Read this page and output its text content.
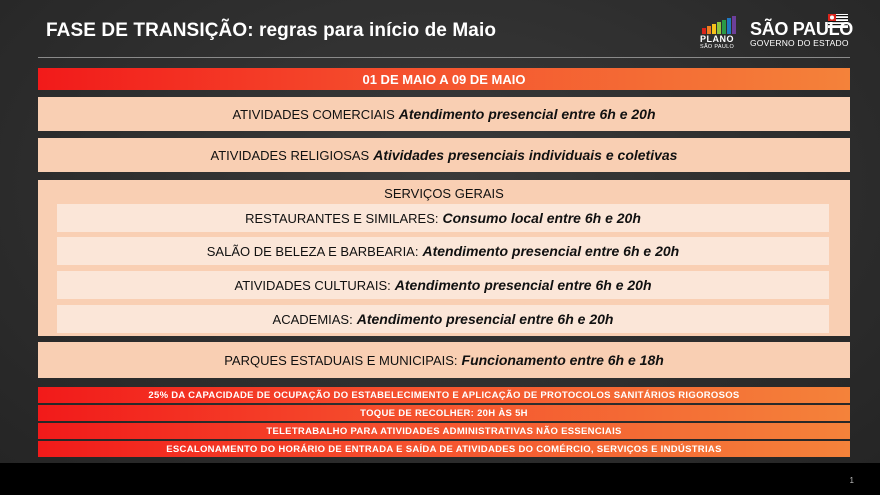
FASE DE TRANSIÇÃO: regras para início de Maio	PLANO
SÃO PAULO
SÃO PAULO
GOVERNO DO ESTADO
01 DE MAIO A 09 DE MAIO
ATIVIDADES COMERCIAIS Atendimento presencial entre 6h e 20h
ATIVIDADES RELIGIOSAS Atividades presenciais individuais e coletivas
SERVIÇOS GERAIS
RESTAURANTES E SIMILARES: Consumo local entre 6h e 20h
SALÃO DE BELEZA E BARBEARIA: Atendimento presencial entre 6h e 20h
ATIVIDADES CULTURAIS: Atendimento presencial entre 6h e 20h
ACADEMIAS: Atendimento presencial entre 6h e 20h
PARQUES ESTADUAIS E MUNICIPAIS: Funcionamento entre 6h e 18h
25% DA CAPACIDADE DE OCUPAÇÃO DO ESTABELECIMENTO E APLICAÇÃO DE PROTOCOLOS SANITÁRIOS RIGOROSOS
TOQUE DE RECOLHER: 20H ÀS 5H
TELETRABALHO PARA ATIVIDADES ADMINISTRATIVAS NÃO ESSENCIAIS
ESCALONAMENTO DO HORÁRIO DE ENTRADA E SAÍDA DE ATIVIDADES DO COMÉRCIO, SERVIÇOS E INDÚSTRIAS
1
